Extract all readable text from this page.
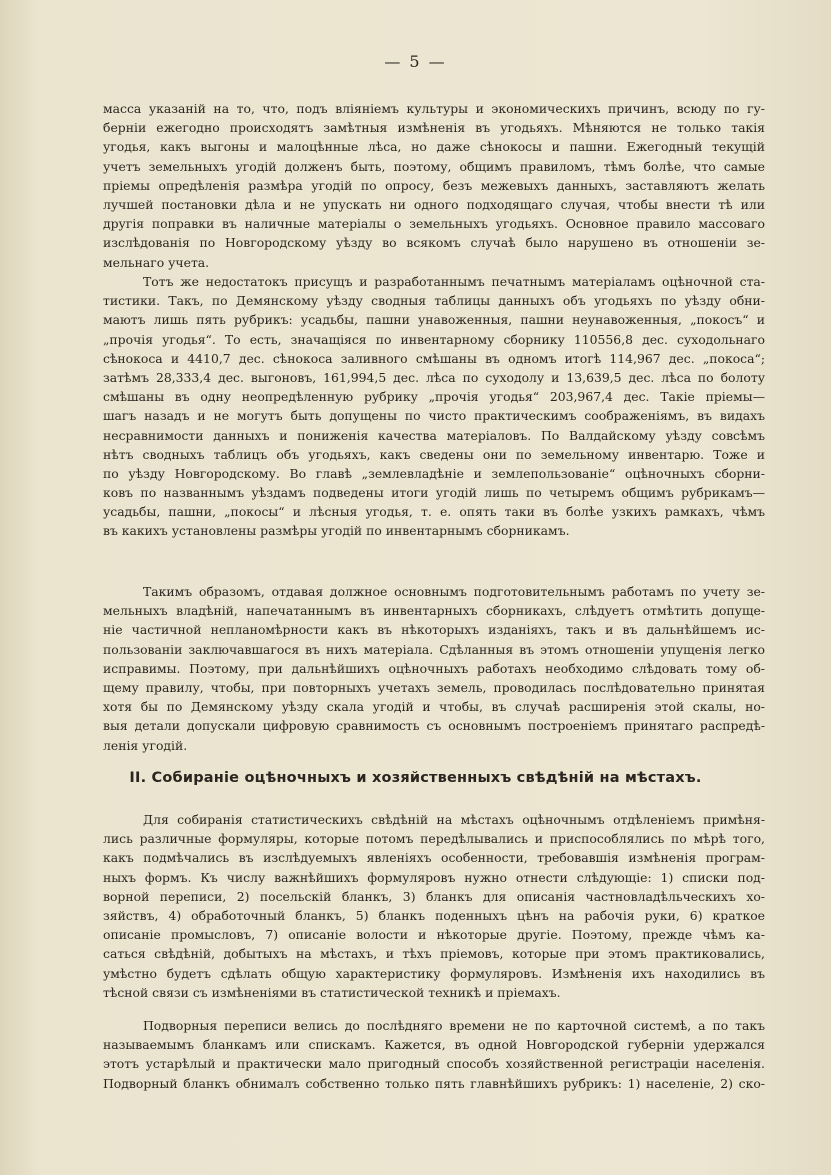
— 5 —
масса указаній на то, что, подъ вліяніемъ культуры и экономическихъ причинъ, всюду по гу-
берніи ежегодно происходятъ замѣтныя измѣненія въ угодьяхъ. Мѣняются не только такія
угодья, какъ выгоны и малоцѣнные лѣса, но даже сѣнокосы и пашни. Ежегодный текущій
учетъ земельныхъ угодій долженъ быть, поэтому, общимъ правиломъ, тѣмъ болѣе, что самые
пріемы опредѣленія размѣра угодій по опросу, безъ межевыхъ данныхъ, заставляютъ желать
лучшей постановки дѣла и не упускать ни одного подходящаго случая, чтобы внести тѣ или
другія поправки въ наличные матеріалы о земельныхъ угодьяхъ. Основное правило массоваго
изслѣдованія по Новгородскому уѣзду во всякомъ случаѣ было нарушено въ отношеніи зе-
мельнаго учета.
Тотъ же недостатокъ присущъ и разработаннымъ печатнымъ матеріаламъ оцѣночной ста-
тистики. Такъ, по Демянскому уѣзду сводныя таблицы данныхъ объ угодьяхъ по уѣзду обни-
маютъ лишь пять рубрикъ: усадьбы, пашни унавоженныя, пашни неунавоженныя, „покосъ“ и
„прочія угодья“. То есть, значащіяся по инвентарному сборнику 110556,8 дес. суходольнаго
сѣнокоса и 4410,7 дес. сѣнокоса заливного смѣшаны въ одномъ итогѣ 114,967 дес. „покоса“;
затѣмъ 28,333,4 дес. выгоновъ, 161,994,5 дес. лѣса по суходолу и 13,639,5 дес. лѣса по болоту
смѣшаны въ одну неопредѣленную рубрику „прочія угодья“ 203,967,4 дес. Такіе пріемы—
шагъ назадъ и не могутъ быть допущены по чисто практическимъ соображеніямъ, въ видахъ
несравнимости данныхъ и пониженія качества матеріаловъ. По Валдайскому уѣзду совсѣмъ
нѣтъ сводныхъ таблицъ объ угодьяхъ, какъ сведены они по земельному инвентарю. Тоже и
по уѣзду Новгородскому. Во главѣ „землевладѣніе и землепользованіе“ оцѣночныхъ сборни-
ковъ по названнымъ уѣздамъ подведены итоги угодій лишь по четыремъ общимъ рубрикамъ—
усадьбы, пашни, „покосы“ и лѣсныя угодья, т. е. опять таки въ болѣе узкихъ рамкахъ, чѣмъ
въ какихъ установлены размѣры угодій по инвентарнымъ сборникамъ.
Такимъ образомъ, отдавая должное основнымъ подготовительнымъ работамъ по учету зе-
мельныхъ владѣній, напечатаннымъ въ инвентарныхъ сборникахъ, слѣдуетъ отмѣтить допуще-
ніе частичной непланомѣрности какъ въ нѣкоторыхъ изданіяхъ, такъ и въ дальнѣйшемъ ис-
пользованіи заключавшагося въ нихъ матеріала. Сдѣланныя въ этомъ отношеніи упущенія легко
исправимы. Поэтому, при дальнѣйшихъ оцѣночныхъ работахъ необходимо слѣдовать тому об-
щему правилу, чтобы, при повторныхъ учетахъ земель, проводилась послѣдовательно принятая
хотя бы по Демянскому уѣзду скала угодій и чтобы, въ случаѣ расширенія этой скалы, но-
выя детали допускали цифровую сравнимость съ основнымъ построеніемъ принятаго распредѣ-
ленія угодій.
II. Собираніе оцѣночныхъ и хозяйственныхъ свѣдѣній на мѣстахъ.
Для собиранія статистическихъ свѣдѣній на мѣстахъ оцѣночнымъ отдѣленіемъ примѣня-
лись различные формуляры, которые потомъ передѣлывались и приспособлялись по мѣрѣ того,
какъ подмѣчались въ изслѣдуемыхъ явленіяхъ особенности, требовавшія измѣненія програм-
ныхъ формъ. Къ числу важнѣйшихъ формуляровъ нужно отнести слѣдующіе: 1) списки под-
ворной переписи, 2) посельскій бланкъ, 3) бланкъ для описанія частновладѣльческихъ хо-
зяйствъ, 4) обработочный бланкъ, 5) бланкъ поденныхъ цѣнъ на рабочія руки, 6) краткое
описаніе промысловъ, 7) описаніе волости и нѣкоторые другіе. Поэтому, прежде чѣмъ ка-
саться свѣдѣній, добытыхъ на мѣстахъ, и тѣхъ пріемовъ, которые при этомъ практиковались,
умѣстно будетъ сдѣлать общую характеристику формуляровъ. Измѣненія ихъ находились въ
тѣсной связи съ измѣненіями въ статистической техникѣ и пріемахъ.
Подворныя переписи велись до послѣдняго времени не по карточной системѣ, а по такъ
называемымъ бланкамъ или спискамъ. Кажется, въ одной Новгородской губерніи удержался
этотъ устарѣлый и практически мало пригодный способъ хозяйственной регистраціи населенія.
Подворный бланкъ обнималъ собственно только пять главнѣйшихъ рубрикъ: 1) населеніе, 2) ско-
